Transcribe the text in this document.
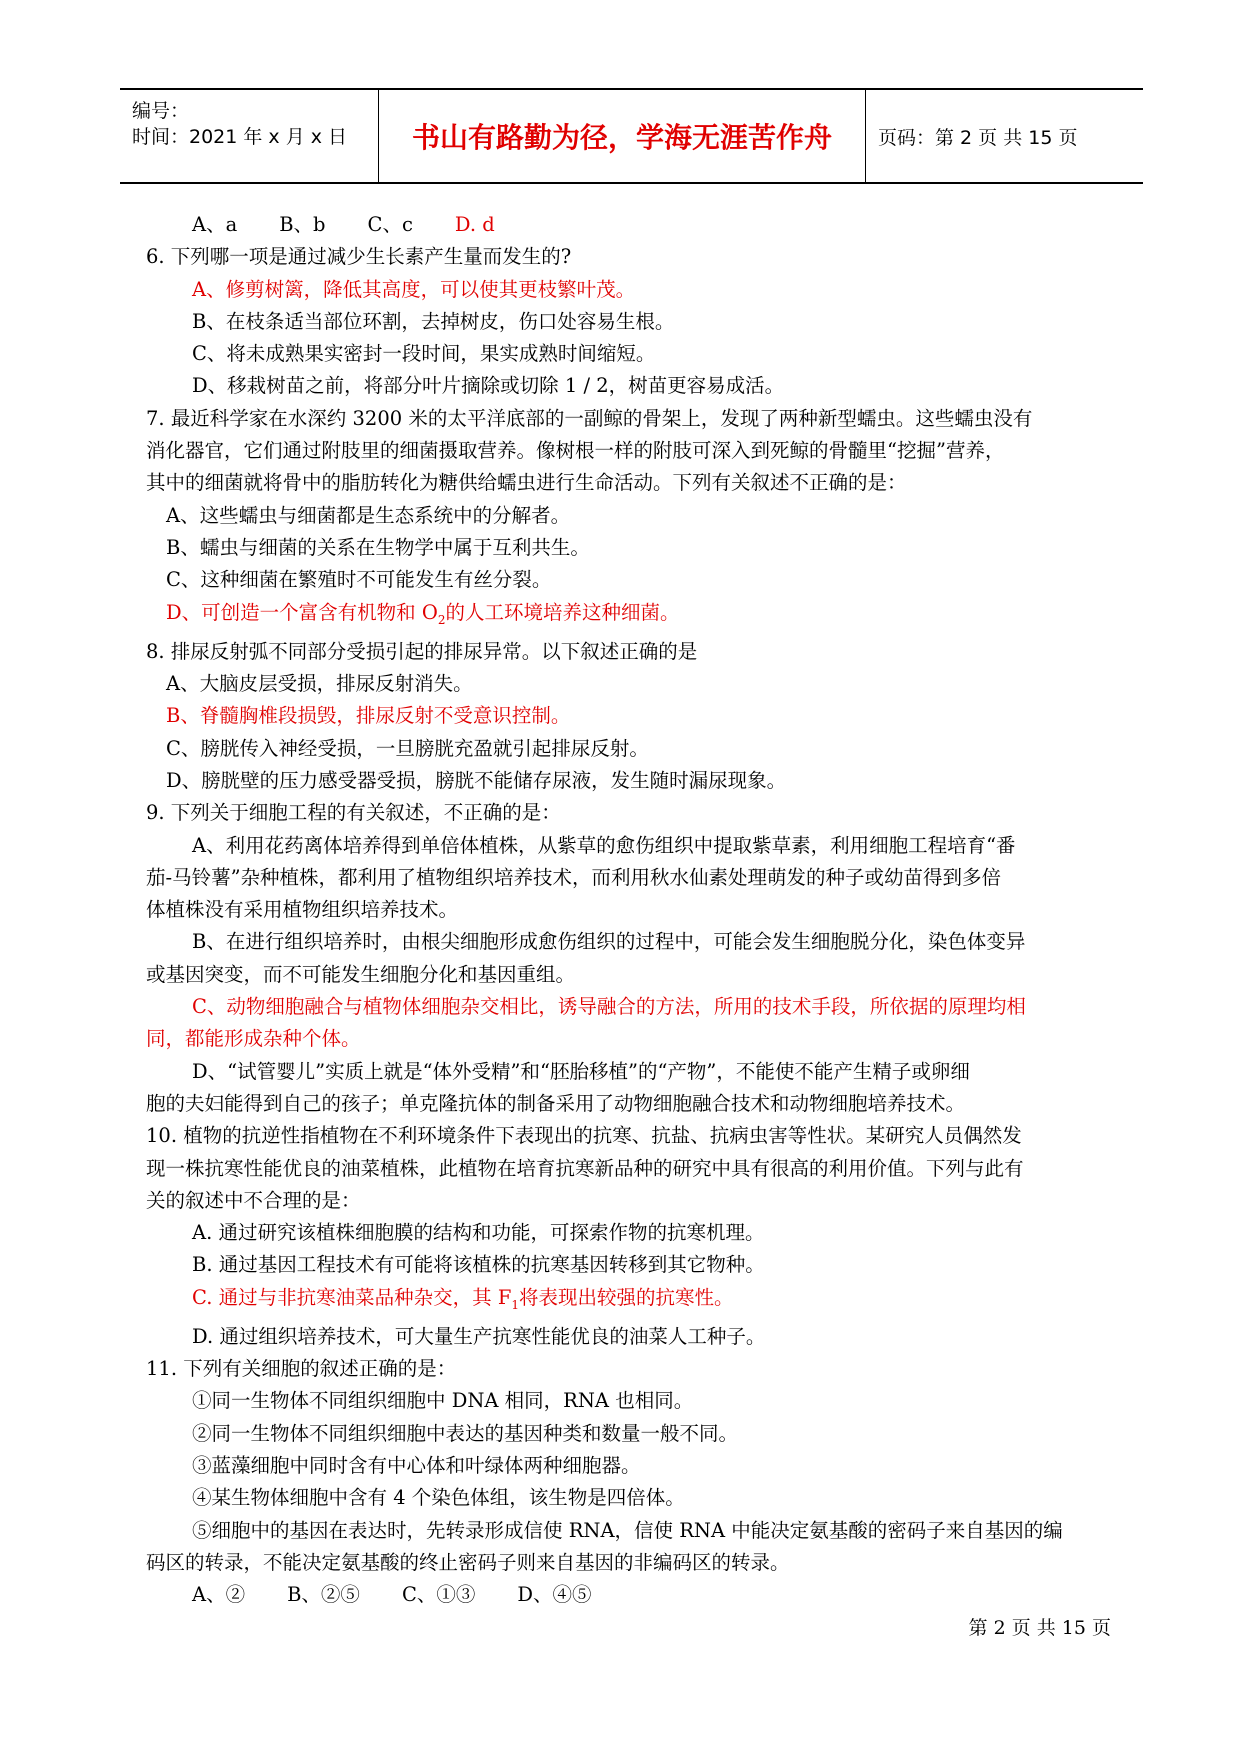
编号：
时间：2021 年 x 月 x 日 书山有路勤为径，学海无涯苦作舟 页码：第 2 页 共 15 页
A、a B、b C、c D. d
6. 下列哪一项是通过减少生长素产生量而发生的?
A、修剪树篱，降低其高度，可以使其更枝繁叶茂。
B、在枝条适当部位环割，去掉树皮，伤口处容易生根。
C、将未成熟果实密封一段时间，果实成熟时间缩短。
D、移栽树苗之前，将部分叶片摘除或切除 1 / 2，树苗更容易成活。
7. 最近科学家在水深约 3200 米的太平洋底部的一副鲸的骨架上，发现了两种新型蠕虫。这些蠕虫没有
消化器官，它们通过附肢里的细菌摄取营养。像树根一样的附肢可深入到死鲸的骨髓里“挖掘”营养，
其中的细菌就将骨中的脂肪转化为糖供给蠕虫进行生命活动。下列有关叙述不正确的是：
A、这些蠕虫与细菌都是生态系统中的分解者。
B、蠕虫与细菌的关系在生物学中属于互利共生。
C、这种细菌在繁殖时不可能发生有丝分裂。
D、可创造一个富含有机物和 $O_2$的人工环境培养这种细菌。
8. 排尿反射弧不同部分受损引起的排尿异常。以下叙述正确的是
A、大脑皮层受损，排尿反射消失。
B、脊髓胸椎段损毁，排尿反射不受意识控制。
C、膀胱传入神经受损，一旦膀胱充盈就引起排尿反射。
D、膀胱壁的压力感受器受损，膀胱不能储存尿液，发生随时漏尿现象。
9. 下列关于细胞工程的有关叙述，不正确的是：
A、利用花药离体培养得到单倍体植株，从紫草的愈伤组织中提取紫草素，利用细胞工程培育“番
茄-马铃薯”杂种植株，都利用了植物组织培养技术，而利用秋水仙素处理萌发的种子或幼苗得到多倍
体植株没有采用植物组织培养技术。
B、在进行组织培养时，由根尖细胞形成愈伤组织的过程中，可能会发生细胞脱分化，染色体变异
或基因突变，而不可能发生细胞分化和基因重组。
C、动物细胞融合与植物体细胞杂交相比，诱导融合的方法，所用的技术手段，所依据的原理均相
同，都能形成杂种个体。
D、“试管婴儿”实质上就是“体外受精”和“胚胎移植”的“产物”，不能使不能产生精子或卵细
胞的夫妇能得到自己的孩子；单克隆抗体的制备采用了动物细胞融合技术和动物细胞培养技术。
10. 植物的抗逆性指植物在不利环境条件下表现出的抗寒、抗盐、抗病虫害等性状。某研究人员偶然发
现一株抗寒性能优良的油菜植株，此植物在培育抗寒新品种的研究中具有很高的利用价值。下列与此有
关的叙述中不合理的是：
A. 通过研究该植株细胞膜的结构和功能，可探索作物的抗寒机理。
B. 通过基因工程技术有可能将该植株的抗寒基因转移到其它物种。
C. 通过与非抗寒油菜品种杂交，其 $F_1$将表现出较强的抗寒性。
D. 通过组织培养技术，可大量生产抗寒性能优良的油菜人工种子。
11. 下列有关细胞的叙述正确的是：
①同一生物体不同组织细胞中 DNA 相同，RNA 也相同。
②同一生物体不同组织细胞中表达的基因种类和数量一般不同。
③蓝藻细胞中同时含有中心体和叶绿体两种细胞器。
④某生物体细胞中含有 4 个染色体组，该生物是四倍体。
⑤细胞中的基因在表达时，先转录形成信使 RNA，信使 RNA 中能决定氨基酸的密码子来自基因的编
码区的转录，不能决定氨基酸的终止密码子则来自基因的非编码区的转录。
A、② B、②⑤ C、①③ D、④⑤
第 2 页 共 15 页
